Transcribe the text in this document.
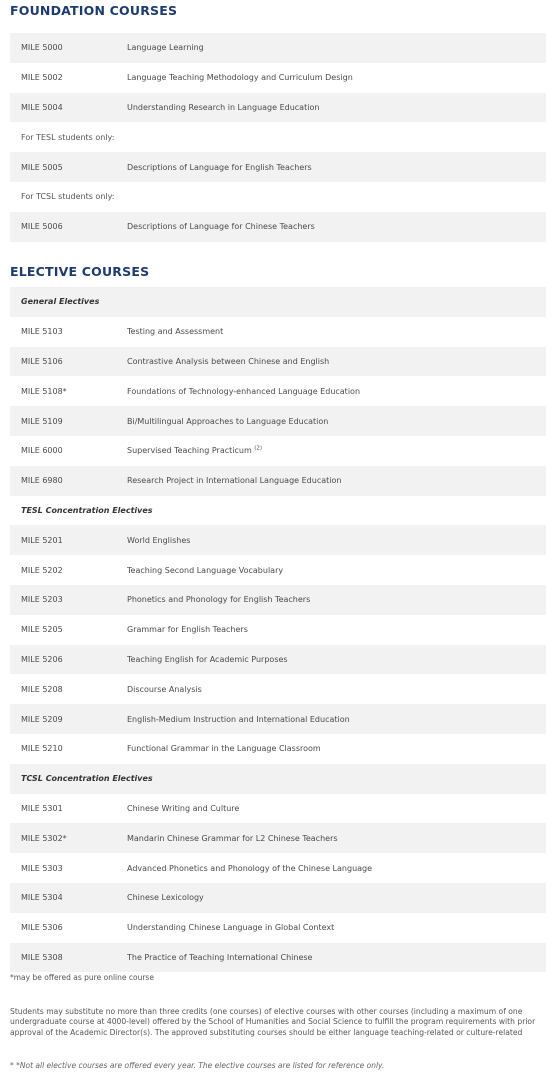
FOUNDATION COURSES
MILE 5000	Language Learning
MILE 5002	Language Teaching Methodology and Curriculum Design
MILE 5004	Understanding Research in Language Education
For TESL students only:
MILE 5005	Descriptions of Language for English Teachers
For TCSL students only:
MILE 5006	Descriptions of Language for Chinese Teachers
ELECTIVE COURSES
General Electives
MILE 5103	Testing and Assessment
MILE 5106	Contrastive Analysis between Chinese and English
MILE 5108*	Foundations of Technology-enhanced Language Education
MILE 5109	Bi/Multilingual Approaches to Language Education
MILE 6000	Supervised Teaching Practicum $^{(2)}$
MILE 6980	Research Project in International Language Education
TESL Concentration Electives
MILE 5201	World Englishes
MILE 5202	Teaching Second Language Vocabulary
MILE 5203	Phonetics and Phonology for English Teachers
MILE 5205	Grammar for English Teachers
MILE 5206	Teaching English for Academic Purposes
MILE 5208	Discourse Analysis
MILE 5209	English-Medium Instruction and International Education
MILE 5210	Functional Grammar in the Language Classroom
TCSL Concentration Electives
MILE 5301	Chinese Writing and Culture
MILE 5302*	Mandarin Chinese Grammar for L2 Chinese Teachers
MILE 5303	Advanced Phonetics and Phonology of the Chinese Language
MILE 5304	Chinese Lexicology
MILE 5306	Understanding Chinese Language in Global Context
MILE 5308	The Practice of Teaching International Chinese

*may be offered as pure online course

Students may substitute no more than three credits (one courses) of elective courses with other courses (including a maximum of one undergraduate course at 4000-level) offered by the School of Humanities and Social Science to fulfill the program requirements with prior approval of the Academic Director(s). The approved substituting courses should be either language teaching-related or culture-related

* *Not all elective courses are offered every year. The elective courses are listed for reference only.
